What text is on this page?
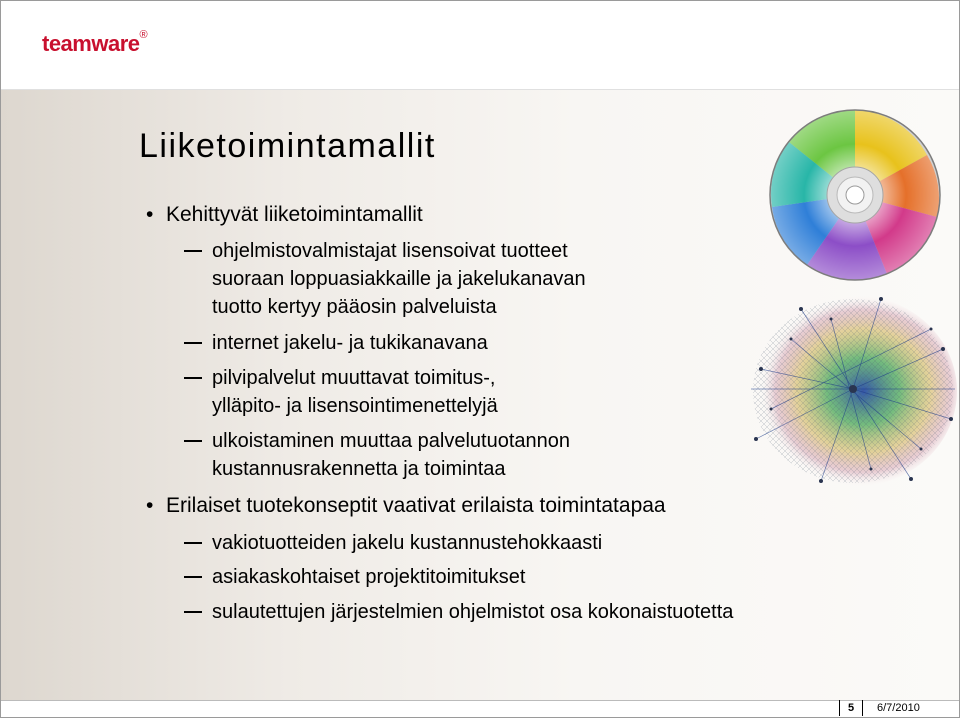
teamware®
Liiketoimintamallit
• Kehittyvät liiketoimintamallit
ohjelmistovalmistajat lisensoivat tuotteet
suoraan loppuasiakkaille ja jakelukanavan
tuotto kertyy pääosin palveluista
internet jakelu- ja tukikanavana
pilvipalvelut muuttavat toimitus-,
ylläpito- ja lisensointimenettelyjä
ulkoistaminen muuttaa palvelutuotannon
kustannusrakennetta ja toimintaa
• Erilaiset tuotekonseptit vaativat erilaista toimintatapaa
vakiotuotteiden jakelu kustannustehokkaasti
asiakaskohtaiset projektitoimitukset
sulautettujen järjestelmien ohjelmistot osa kokonaistuotetta
5	6/7/2010
